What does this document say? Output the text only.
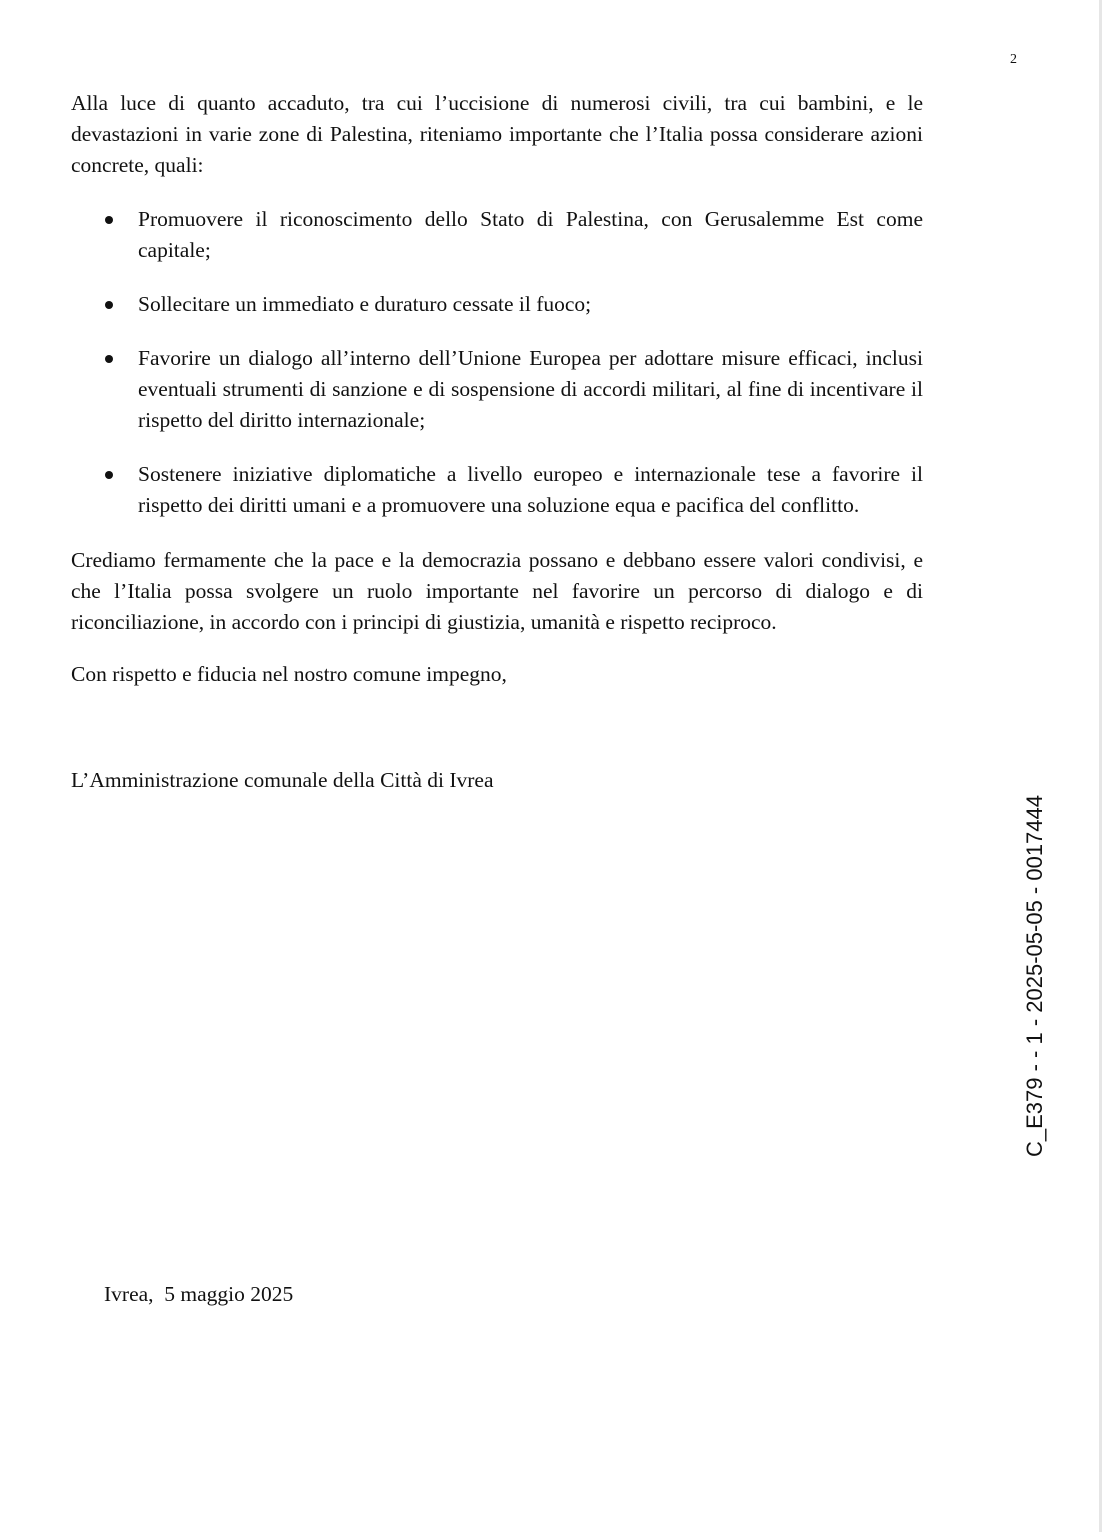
2

Alla luce di quanto accaduto, tra cui l’uccisione di numerosi civili, tra cui bambini, e le devastazioni in varie zone di Palestina, riteniamo importante che l’Italia possa considerare azioni concrete, quali:

Promuovere il riconoscimento dello Stato di Palestina, con Gerusalemme Est come capitale;
Sollecitare un immediato e duraturo cessate il fuoco;
Favorire un dialogo all’interno dell’Unione Europea per adottare misure efficaci, inclusi eventuali strumenti di sanzione e di sospensione di accordi militari, al fine di incentivare il rispetto del diritto internazionale;
Sostenere iniziative diplomatiche a livello europeo e internazionale tese a favorire il rispetto dei diritti umani e a promuovere una soluzione equa e pacifica del conflitto.

Crediamo fermamente che la pace e la democrazia possano e debbano essere valori condivisi, e che l’Italia possa svolgere un ruolo importante nel favorire un percorso di dialogo e di riconciliazione, in accordo con i principi di giustizia, umanità e rispetto reciproco.

Con rispetto e fiducia nel nostro comune impegno,

L’Amministrazione comunale della Città di Ivrea

Ivrea,  5 maggio 2025

C_E379 - - 1 - 2025-05-05 - 0017444
